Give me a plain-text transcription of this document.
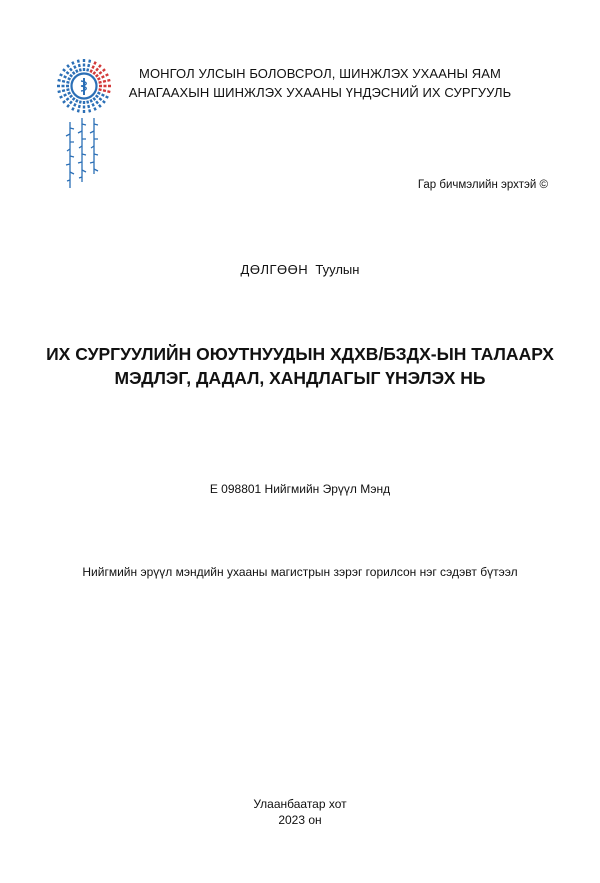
МОНГОЛ УЛСЫН БОЛОВСРОЛ, ШИНЖЛЭХ УХААНЫ ЯАМ
АНАГААХЫН ШИНЖЛЭХ УХААНЫ ҮНДЭСНИЙ ИХ СУРГУУЛЬ
Гар бичмэлийн эрхтэй ©
ДӨЛГӨӨН Туулын
ИХ СУРГУУЛИЙН ОЮУТНУУДЫН ХДХВ/БЗДХ-ЫН ТАЛААРХ
МЭДЛЭГ, ДАДАЛ, ХАНДЛАГЫГ ҮНЭЛЭХ НЬ
Е 098801 Нийгмийн Эрүүл Мэнд
Нийгмийн эрүүл мэндийн ухааны магистрын зэрэг горилсон нэг сэдэвт бүтээл
Улаанбаатар хот
2023 он
